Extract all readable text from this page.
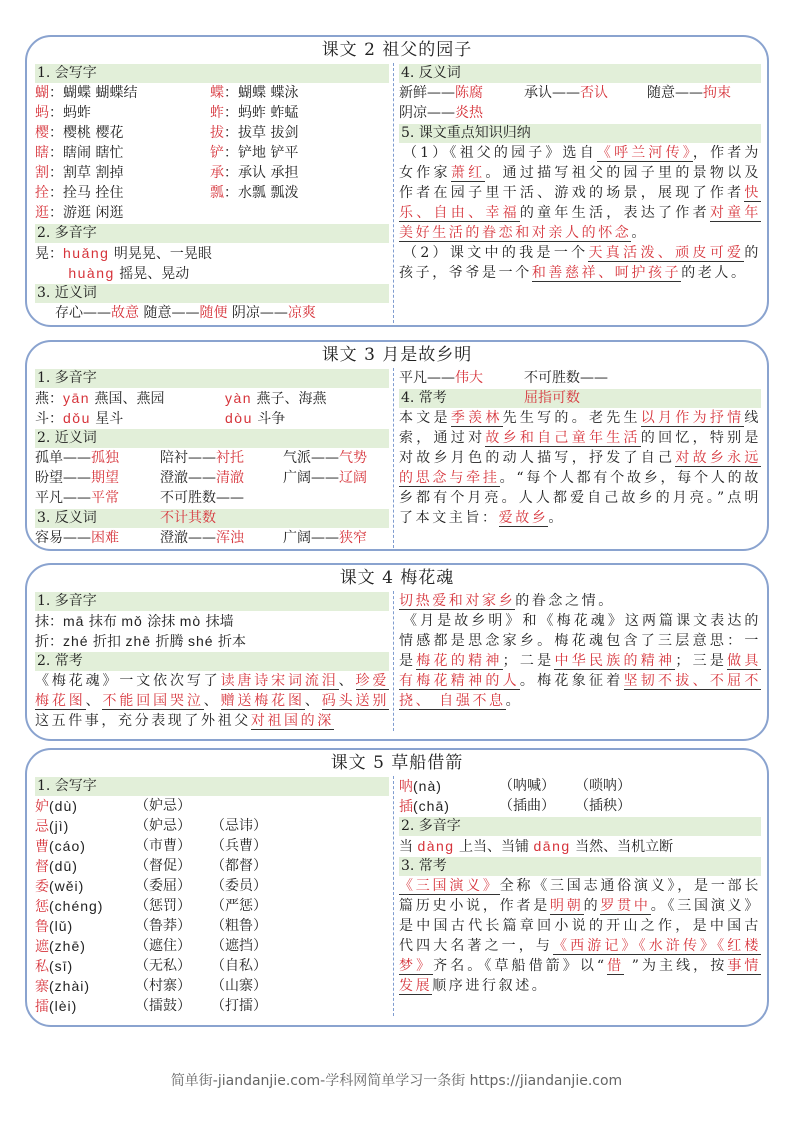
课文 2 祖父的园子
1. 会写字
蝴：蝴蝶 蝴蝶结	蝶：蝴蝶 蝶泳
蚂：蚂蚱	蚱：蚂蚱 蚱蜢
樱：樱桃 樱花	拔：拔草 拔剑
瞎：瞎闹 瞎忙	铲：铲地 铲平
割：割草 割掉	承：承认 承担
拴：拴马 拴住	瓢：水瓢 瓢泼
逛：游逛 闲逛
2. 多音字
晃：huǎng 明晃晃、一晃眼
huàng 摇晃、晃动
3. 近义词
存心——故意 随意——随便 阴凉——凉爽
4. 反义词
新鲜——陈腐	承认——否认	随意——拘束
阴凉——炎热
5. 课文重点知识归纳
（1）《祖父的园子》选自《呼兰河传》，作者为女作家萧红。通过描写祖父的园子里的景物以及作者在园子里干活、游戏的场景，展现了作者快乐、自由、幸福的童年生活，表达了作者对童年美好生活的眷恋和对亲人的怀念。
（2）课文中的我是一个天真活泼、顽皮可爱的孩子，爷爷是一个和善慈祥、呵护孩子的老人。
课文 3 月是故乡明
1. 多音字
燕：yān 燕国、燕园	yàn 燕子、海燕
斗：dǒu 星斗	dòu 斗争
2. 近义词
孤单——孤独	陪衬——衬托	气派——气势
盼望——期望	澄澈——清澈	广阔——辽阔
平凡——平常	不可胜数——不计其数
3. 反义词
容易——困难	澄澈——浑浊	广阔——狭窄
平凡——伟大	不可胜数——屈指可数
4. 常考
本文是季羡林先生写的。老先生以月作为抒情线索，通过对故乡和自己童年生活的回忆，特别是对故乡月色的动人描写，抒发了自己对故乡永远的思念与牵挂。“每个人都有个故乡，每个人的故乡都有个月亮。人人都爱自己故乡的月亮。”点明了本文主旨：爱故乡。
课文 4 梅花魂
1. 多音字
抹：mā 抹布 mǒ 涂抹 mò 抹墙
折：zhé 折扣 zhē 折腾 shé 折本
2. 常考
《梅花魂》一文依次写了读唐诗宋词流泪、珍爱梅花图、不能回国哭泣、赠送梅花图、码头送别这五件事，充分表现了外祖父对祖国的深
切热爱和对家乡的眷念之情。
《月是故乡明》和《梅花魂》这两篇课文表达的情感都是思念家乡。梅花魂包含了三层意思：一是梅花的精神；二是中华民族的精神；三是做具有梅花精神的人。梅花象征着坚韧不拔、不屈不挠、 自强不息。
课文 5 草船借箭
1. 会写字
妒(dù)	（妒忌）
忌(jì)	（妒忌）	（忌讳）
曹(cáo)	（市曹）	（兵曹）
督(dū)	（督促）	（都督）
委(wěi)	（委屈）	（委员）
惩(chéng)	（惩罚）	（严惩）
鲁(lǔ)	（鲁莽）	（粗鲁）
遮(zhē)	（遮住）	（遮挡）
私(sī)	（无私）	（自私）
寨(zhài)	（村寨）	（山寨）
擂(lèi)	（擂鼓）	（打擂）
呐(nà)	（呐喊）	（唢呐）
插(chā)	（插曲）	（插秧）
2. 多音字
当 dàng 上当、当铺 dāng 当然、当机立断
3. 常考
《三国演义》全称《三国志通俗演义》，是一部长篇历史小说，作者是明朝的罗贯中。《三国演义》是中国古代长篇章回小说的开山之作，是中国古代四大名著之一，与《西游记》《水浒传》《红楼梦》齐名。《草船借箭》以“借 ”为主线，按事情发展顺序进行叙述。
简单街-jiandanjie.com-学科网简单学习一条街 https://jiandanjie.com
